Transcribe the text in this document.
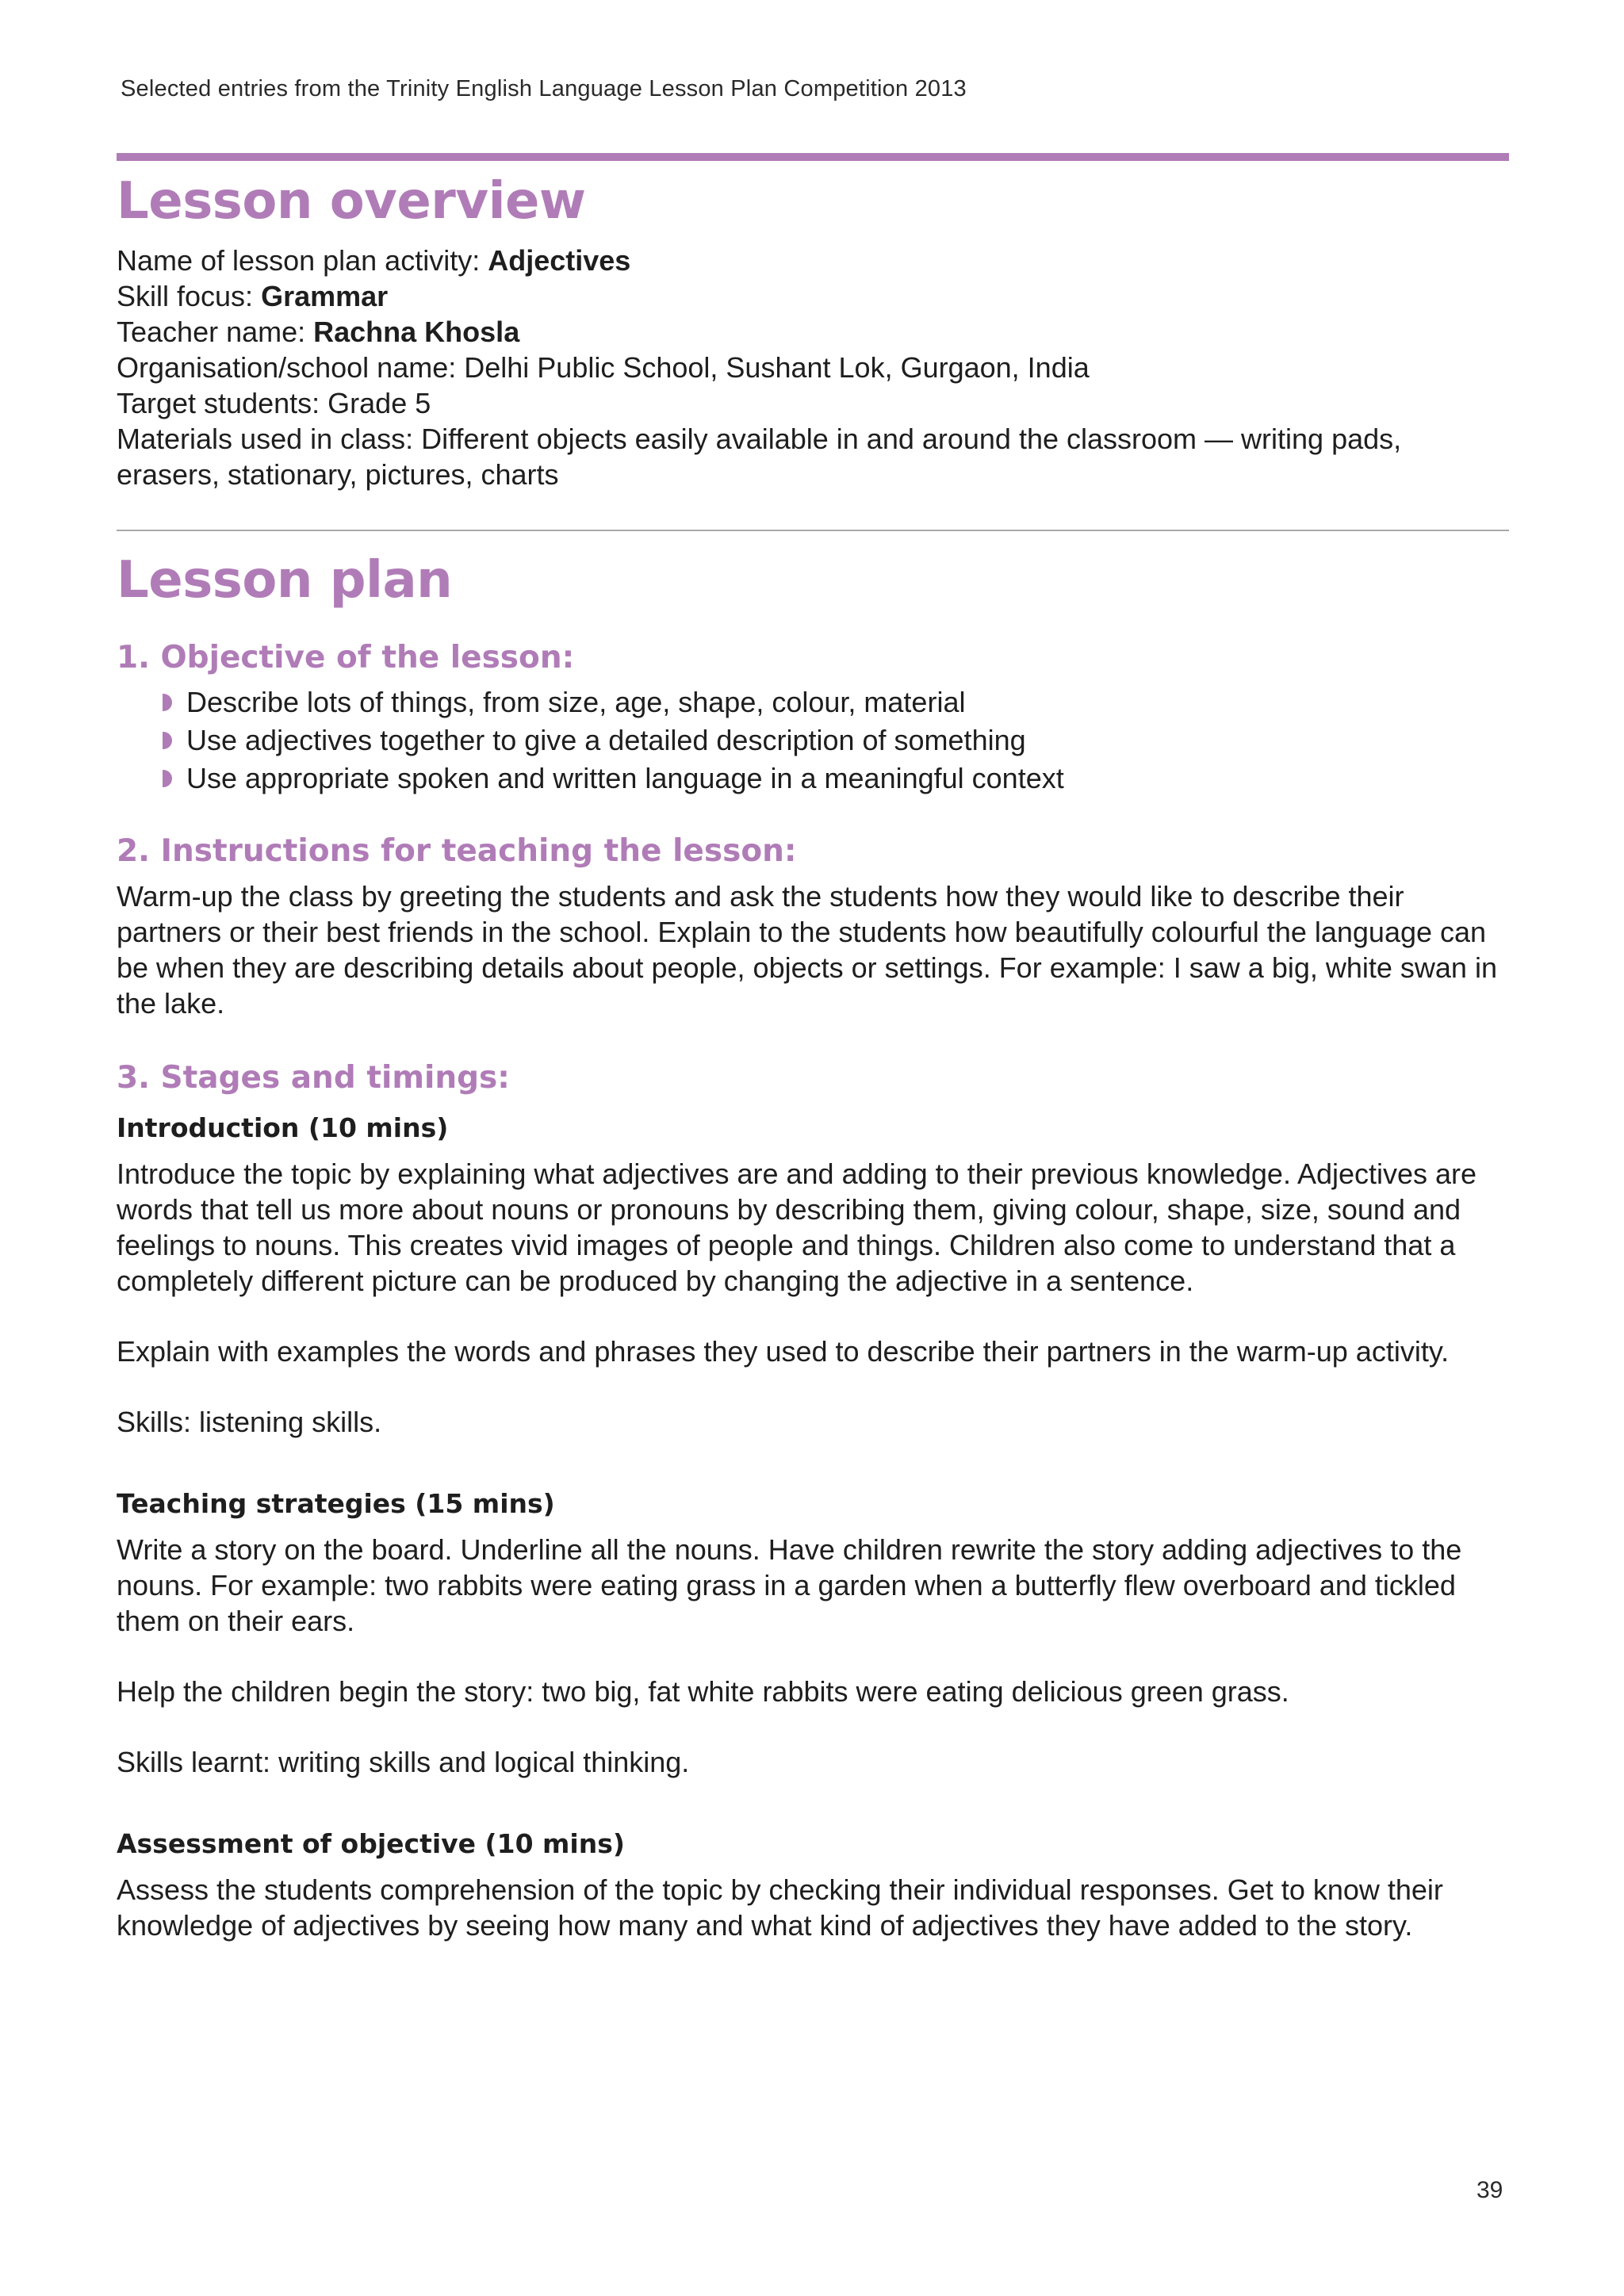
Selected entries from the Trinity English Language Lesson Plan Competition 2013
Lesson overview
Name of lesson plan activity: Adjectives
Skill focus: Grammar
Teacher name: Rachna Khosla
Organisation/school name: Delhi Public School, Sushant Lok, Gurgaon, India
Target students: Grade 5
Materials used in class: Different objects easily available in and around the classroom — writing pads, erasers, stationary, pictures, charts
Lesson plan
1. Objective of the lesson:
Describe lots of things, from size, age, shape, colour, material
Use adjectives together to give a detailed description of something
Use appropriate spoken and written language in a meaningful context
2. Instructions for teaching the lesson:

Warm-up the class by greeting the students and ask the students how they would like to describe their partners or their best friends in the school. Explain to the students how beautifully colourful the language can be when they are describing details about people, objects or settings. For example: I saw a big, white swan in the lake.

3. Stages and timings:
Introduction (10 mins)

Introduce the topic by explaining what adjectives are and adding to their previous knowledge. Adjectives are words that tell us more about nouns or pronouns by describing them, giving colour, shape, size, sound and feelings to nouns. This creates vivid images of people and things. Children also come to understand that a completely different picture can be produced by changing the adjective in a sentence.

Explain with examples the words and phrases they used to describe their partners in the warm-up activity.

Skills: listening skills.

Teaching strategies (15 mins)

Write a story on the board. Underline all the nouns. Have children rewrite the story adding adjectives to the nouns. For example: two rabbits were eating grass in a garden when a butterfly flew overboard and tickled them on their ears.

Help the children begin the story: two big, fat white rabbits were eating delicious green grass.

Skills learnt: writing skills and logical thinking.

Assessment of objective (10 mins)

Assess the students comprehension of the topic by checking their individual responses. Get to know their knowledge of adjectives by seeing how many and what kind of adjectives they have added to the story.

39
